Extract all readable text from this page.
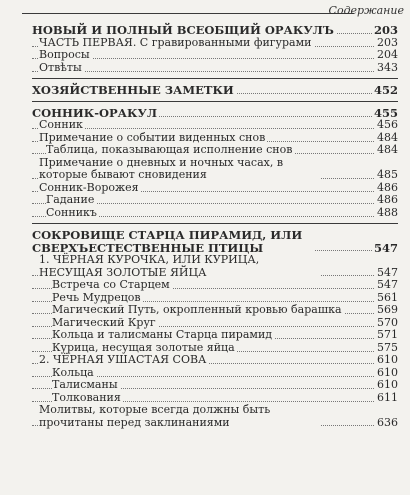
Содержание
НОВЫЙ И ПОЛНЫЙ ВСЕОБЩИЙ ОРАКУЛЪ	203
ЧАСТЬ ПЕРВАЯ. С гравированными фигурами	203
Вопросы	204
Отвѣты	343
ХОЗЯЙСТВЕННЫЕ ЗАМЕТКИ	452
СОННИК-ОРАКУЛ	455
Сонник	456
Примечание о событии виденных снов	484
Таблица, показывающая исполнение снов	484
Примечание о дневных и ночных часах, в которые бывают сновидения	485
Сонник-Ворожея	486
Гадание	486
Сонникъ	488
СОКРОВИЩЕ СТАРЦА ПИРАМИД, ИЛИ СВЕРХЪЕСТЕСТВЕННЫЕ ПТИЦЫ	547
1. ЧЁРНАЯ КУРОЧКА, ИЛИ КУРИЦА, НЕСУЩАЯ ЗОЛОТЫЕ ЯЙЦА	547
Встреча со Старцем	547
Речь Мудрецов	561
Магический Путь, окропленный кровью барашка	569
Магический Круг	570
Кольца и талисманы Старца пирамид	571
Курица, несущая золотые яйца	575
2. ЧЁРНАЯ УШАСТАЯ СОВА	610
Кольца	610
Талисманы	610
Толкования	611
Молитвы, которые всегда должны быть прочитаны перед заклинаниями	636
